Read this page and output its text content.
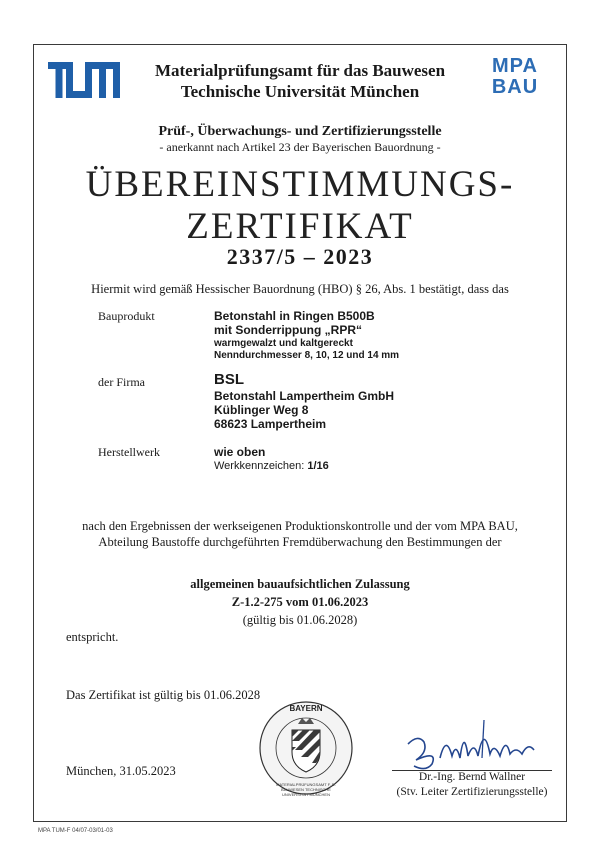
Materialprüfungsamt für das Bauwesen
Technische Universität München
MPA
BAU
Prüf-, Überwachungs- und Zertifizierungsstelle
- anerkannt nach Artikel 23 der Bayerischen Bauordnung -
ÜBEREINSTIMMUNGS-
ZERTIFIKAT
2337/5 – 2023
Hiermit wird gemäß Hessischer Bauordnung (HBO) § 26, Abs. 1 bestätigt, dass das
Bauprodukt	Betonstahl in Ringen B500B
mit Sonderrippung „RPR“
warmgewalzt und kaltgereckt
Nenndurchmesser 8, 10, 12 und 14 mm
der Firma	BSL
Betonstahl Lampertheim GmbH
Küblinger Weg 8
68623 Lampertheim
Herstellwerk	wie oben
Werkkennzeichen: 1/16
nach den Ergebnissen der werkseigenen Produktionskontrolle und der vom MPA BAU,
Abteilung Baustoffe durchgeführten Fremdüberwachung den Bestimmungen der
allgemeinen bauaufsichtlichen Zulassung
Z-1.2-275 vom 01.06.2023
(gültig bis 01.06.2028)
entspricht.
Das Zertifikat ist gültig bis 01.06.2028
München, 31.05.2023
BAYERN
MATERIALPRÜFUNGSAMT F. D. BAUWESEN TECHNISCHE UNIVERSITÄT MÜNCHEN
Dr.-Ing. Bernd Wallner
(Stv. Leiter Zertifizierungsstelle)
MPA TUM-F 04/07-03/01-03
